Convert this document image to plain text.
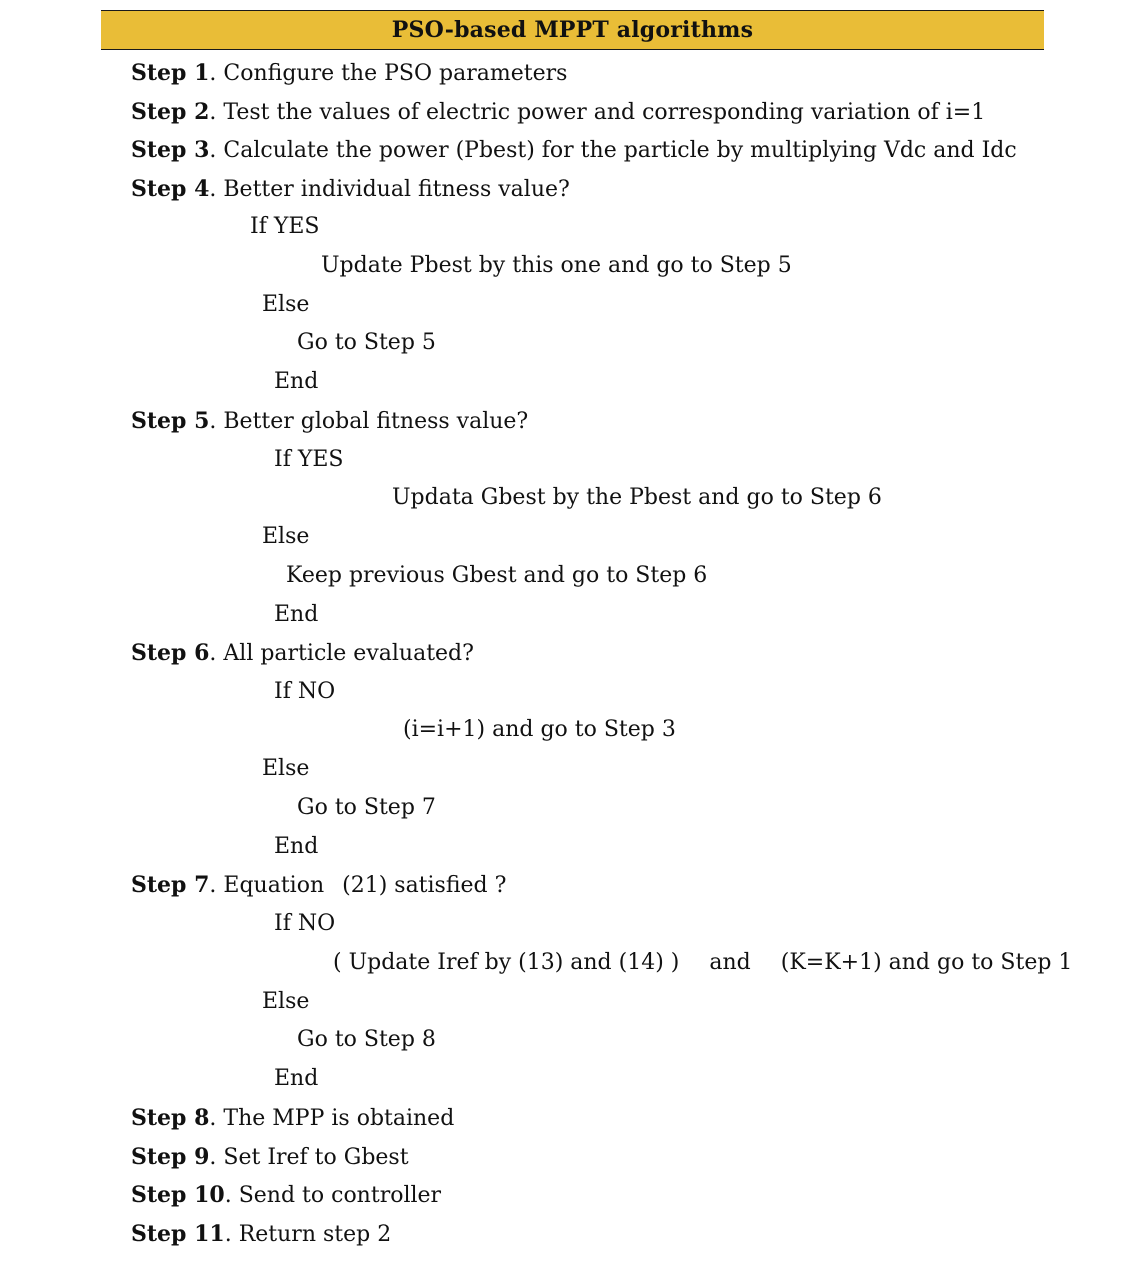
PSO-based MPPT algorithms
Step 1. Configure the PSO parameters
Step 2. Test the values of electric power and corresponding variation of i=1
Step 3. Calculate the power (Pbest) for the particle by multiplying Vdc and Idc
Step 4. Better individual fitness value?
If YES
Update Pbest by this one and go to Step 5
Else
Go to Step 5
End
Step 5. Better global fitness value?
If YES
Updata Gbest by the Pbest and go to Step 6
Else
Keep previous Gbest and go to Step 6
End
Step 6. All particle evaluated?
If NO
(i=i+1) and go to Step 3
Else
Go to Step 7
End
Step 7. Equation (21) satisfied ?
If NO
( Update Iref by (13) and (14) ) and (K=K+1) and go to Step 1
Else
Go to Step 8
End
Step 8. The MPP is obtained
Step 9. Set Iref to Gbest
Step 10. Send to controller
Step 11. Return step 2
